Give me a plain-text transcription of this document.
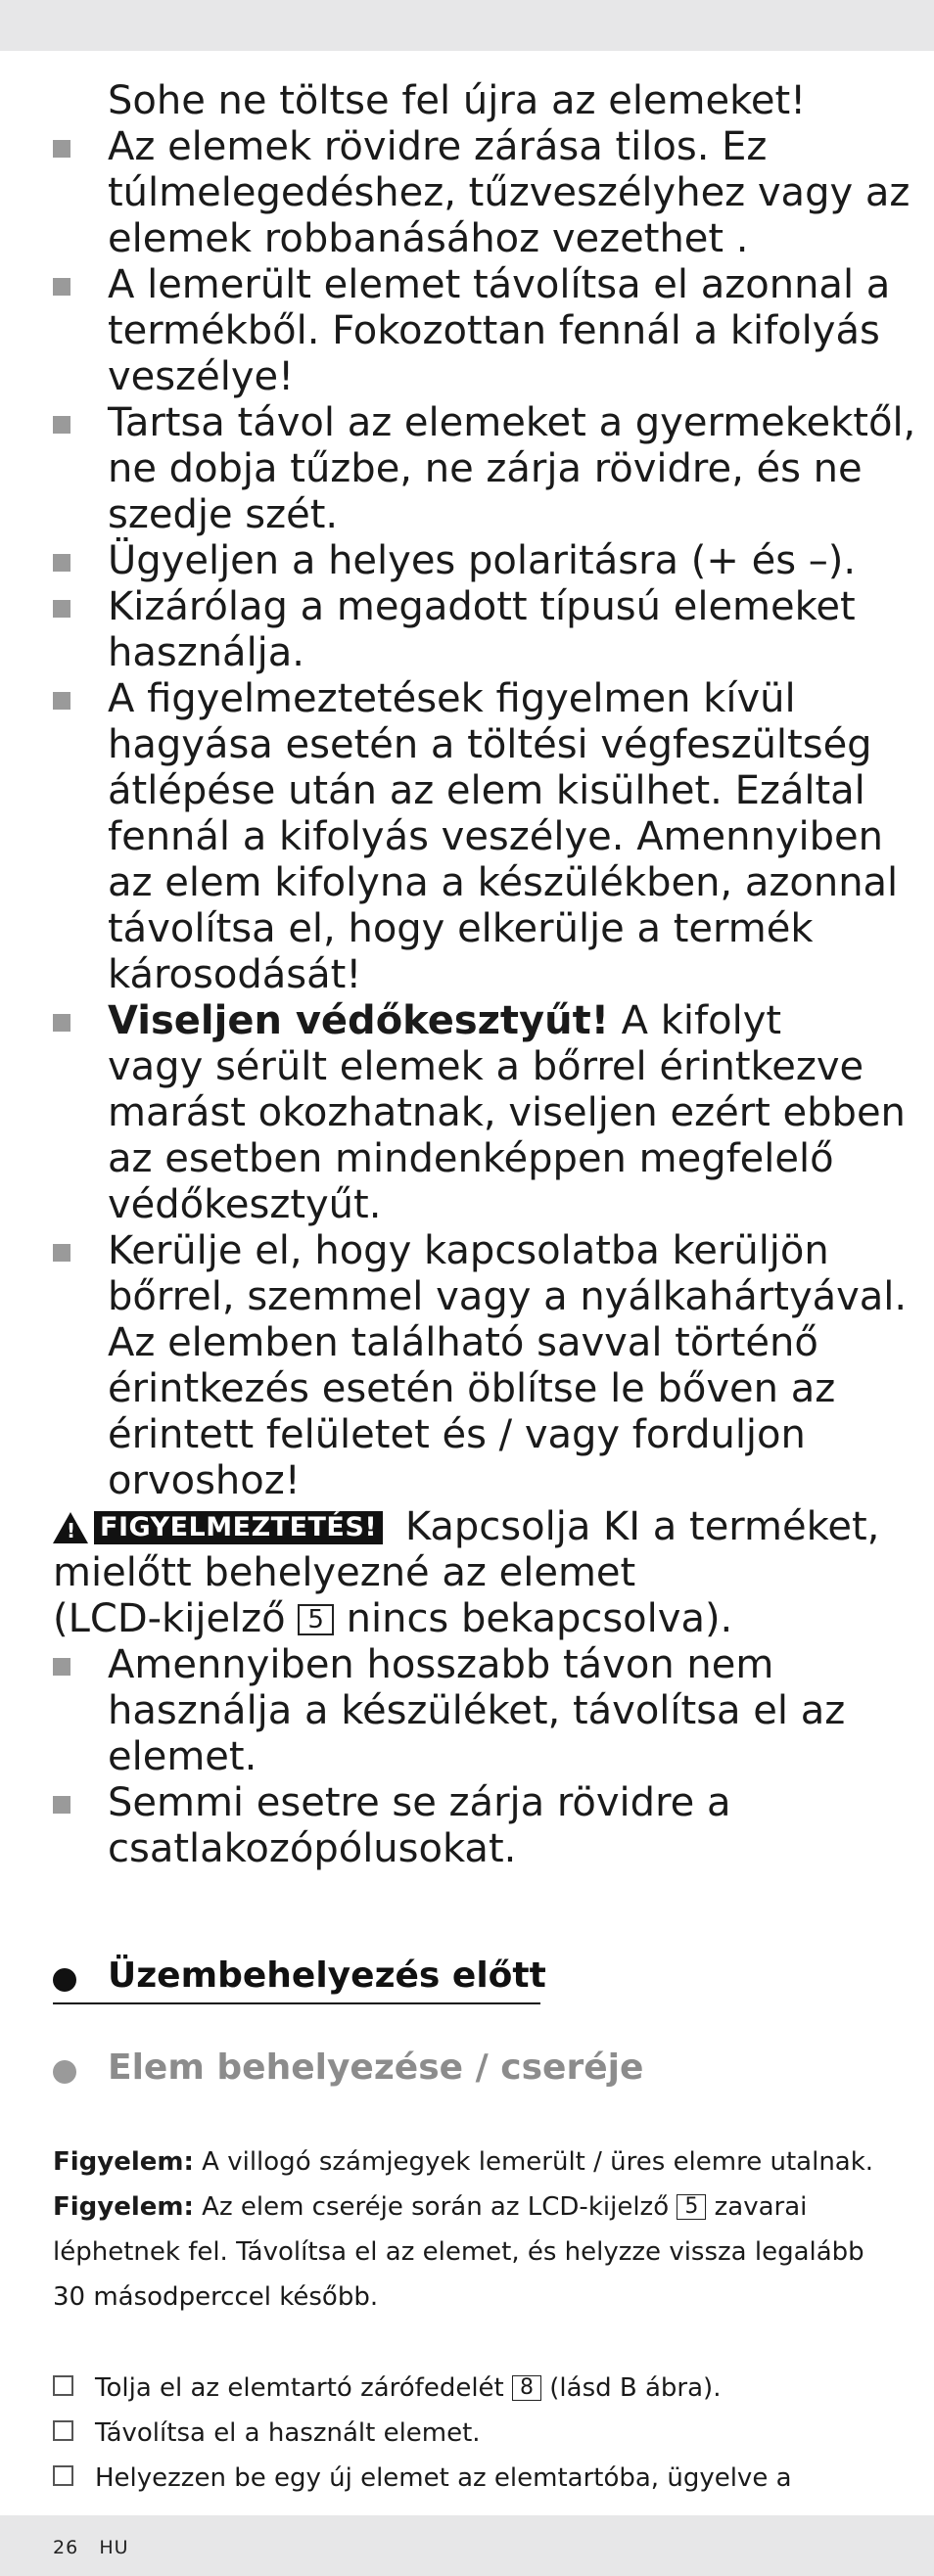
Sohe ne töltse fel újra az elemeket!
Az elemek rövidre zárása tilos. Ez
túlmelegedéshez, tűzveszélyhez vagy az
elemek robbanásához vezethet .
A lemerült elemet távolítsa el azonnal a
termékből. Fokozottan fennál a kifolyás
veszélye!
Tartsa távol az elemeket a gyermekektől,
ne dobja tűzbe, ne zárja rövidre, és ne
szedje szét.
Ügyeljen a helyes polaritásra (+ és –).
Kizárólag a megadott típusú elemeket
használja.
A figyelmeztetések figyelmen kívül
hagyása esetén a töltési végfeszültség
átlépése után az elem kisülhet. Ezáltal
fennál a kifolyás veszélye. Amennyiben
az elem kifolyna a készülékben, azonnal
távolítsa el, hogy elkerülje a termék
károsodását!
Viseljen védőkesztyűt! A kifolyt
vagy sérült elemek a bőrrel érintkezve
marást okozhatnak, viseljen ezért ebben
az esetben mindenképpen megfelelő
védőkesztyűt.
Kerülje el, hogy kapcsolatba kerüljön
bőrrel, szemmel vagy a nyálkahártyával.
Az elemben található savval történő
érintkezés esetén öblítse le bőven az
érintett felületet és / vagy forduljon
orvoshoz!
! FIGYELMEZTETÉS! Kapcsolja KI a terméket,
mielőtt behelyezné az elemet
(LCD-kijelző 5 nincs bekapcsolva).
Amennyiben hosszabb távon nem
használja a készüléket, távolítsa el az
elemet.
Semmi esetre se zárja rövidre a
csatlakozópólusokat.
Üzembehelyezés előtt
Elem behelyezése / cseréje
Figyelem: A villogó számjegyek lemerült / üres elemre utalnak.
Figyelem: Az elem cseréje során az LCD-kijelző 5 zavarai
léphetnek fel. Távolítsa el az elemet, és helyzze vissza legalább
30 másodperccel később.
Tolja el az elemtartó zárófedelét 8 (lásd B ábra).
Távolítsa el a használt elemet.
Helyezzen be egy új elemet az elemtartóba, ügyelve a
26 HU
